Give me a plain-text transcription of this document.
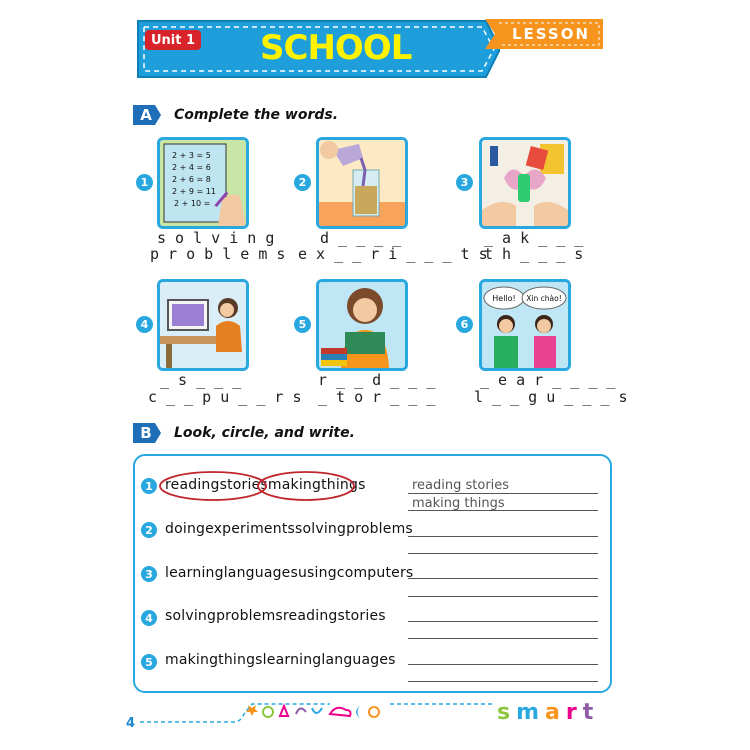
Unit 1 SCHOOL	LESSON 2
A	Complete the words.
1
2 + 3 = 5
2 + 4 = 6
2 + 6 = 8
2 + 9 = 11
2 + 10 =
s o l v i n g
p r o b l e m s
2
d _ _ _ _
e x _ _ r i _ _ _ t s
3
_ a k _ _ _
t h _ _ _ s
4
_ s _ _ _
c _ _ p u _ _ r s
5
r _ _ d _ _ _
_ t o r _ _ _
6
Hello! Xin chào!
_ e a r _ _ _ _
l _ _ g u _ _ _ s
B	Look, circle, and write.
1 readingstoriesmakingthings	reading stories
making things
2 doingexperimentssolvingproblems
3 learninglanguagesusingcomputers
4 solvingproblemsreadingstories
5 makingthingslearninglanguages
4	smart
